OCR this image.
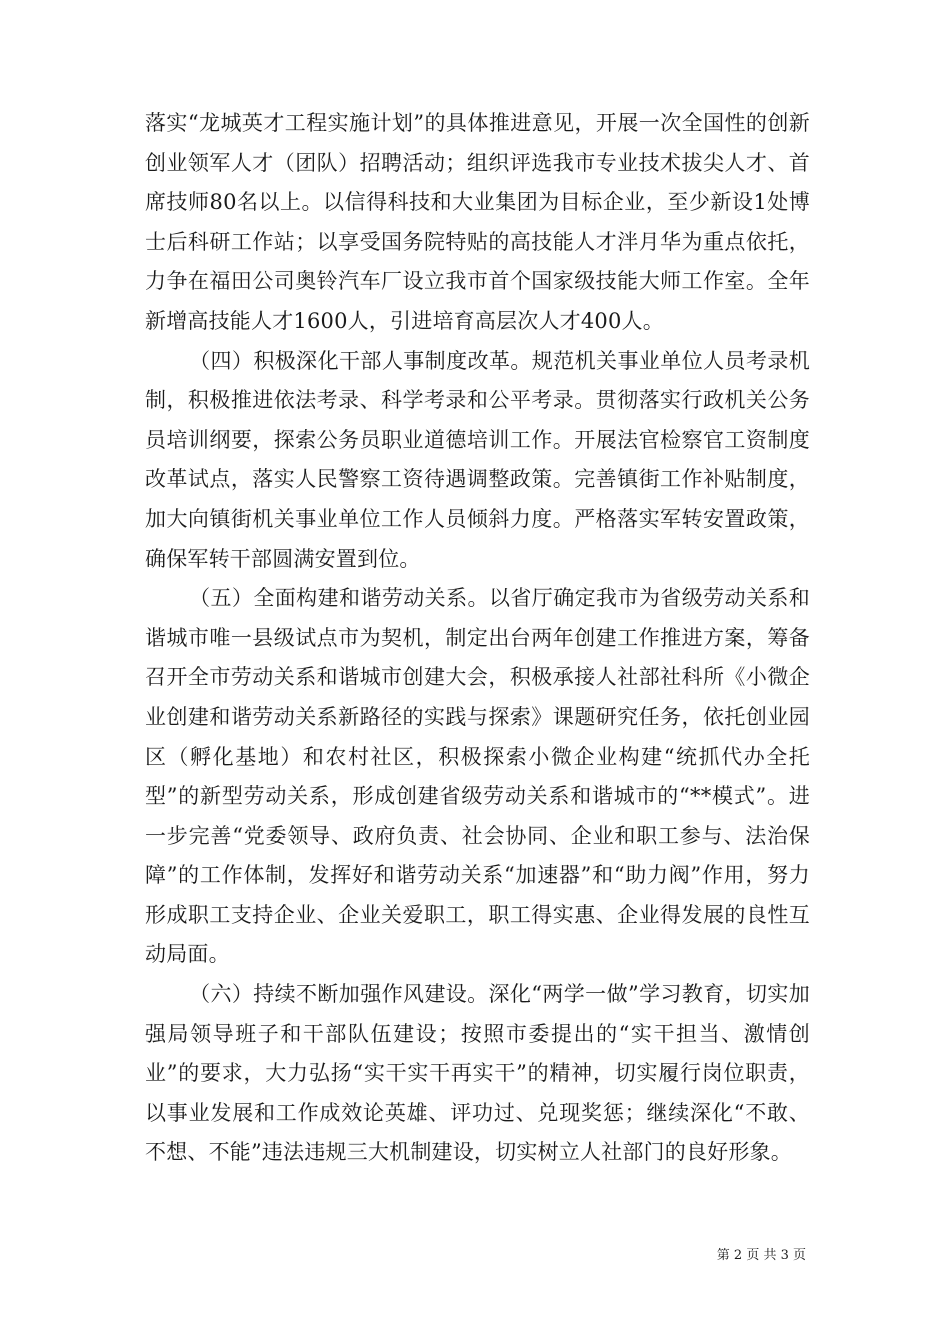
落实“龙城英才工程实施计划”的具体推进意见，开展一次全国性的创新创业领军人才（团队）招聘活动；组织评选我市专业技术拔尖人才、首席技师80名以上。以信得科技和大业集团为目标企业，至少新设1处博士后科研工作站；以享受国务院特贴的高技能人才泮月华为重点依托，力争在福田公司奥铃汽车厂设立我市首个国家级技能大师工作室。全年新增高技能人才1600人，引进培育高层次人才400人。

（四）积极深化干部人事制度改革。规范机关事业单位人员考录机制，积极推进依法考录、科学考录和公平考录。贯彻落实行政机关公务员培训纲要，探索公务员职业道德培训工作。开展法官检察官工资制度改革试点，落实人民警察工资待遇调整政策。完善镇街工作补贴制度，加大向镇街机关事业单位工作人员倾斜力度。严格落实军转安置政策，确保军转干部圆满安置到位。

（五）全面构建和谐劳动关系。以省厅确定我市为省级劳动关系和谐城市唯一县级试点市为契机，制定出台两年创建工作推进方案，筹备召开全市劳动关系和谐城市创建大会，积极承接人社部社科所《小微企业创建和谐劳动关系新路径的实践与探索》课题研究任务，依托创业园区（孵化基地）和农村社区，积极探索小微企业构建“统抓代办全托型”的新型劳动关系，形成创建省级劳动关系和谐城市的“**模式”。进一步完善“党委领导、政府负责、社会协同、企业和职工参与、法治保障”的工作体制，发挥好和谐劳动关系“加速器”和“助力阀”作用，努力形成职工支持企业、企业关爱职工，职工得实惠、企业得发展的良性互动局面。

（六）持续不断加强作风建设。深化“两学一做”学习教育，切实加强局领导班子和干部队伍建设；按照市委提出的“实干担当、激情创业”的要求，大力弘扬“实干实干再实干”的精神，切实履行岗位职责，以事业发展和工作成效论英雄、评功过、兑现奖惩；继续深化“不敢、不想、不能”违法违规三大机制建设，切实树立人社部门的良好形象。

第 2 页 共 3 页
